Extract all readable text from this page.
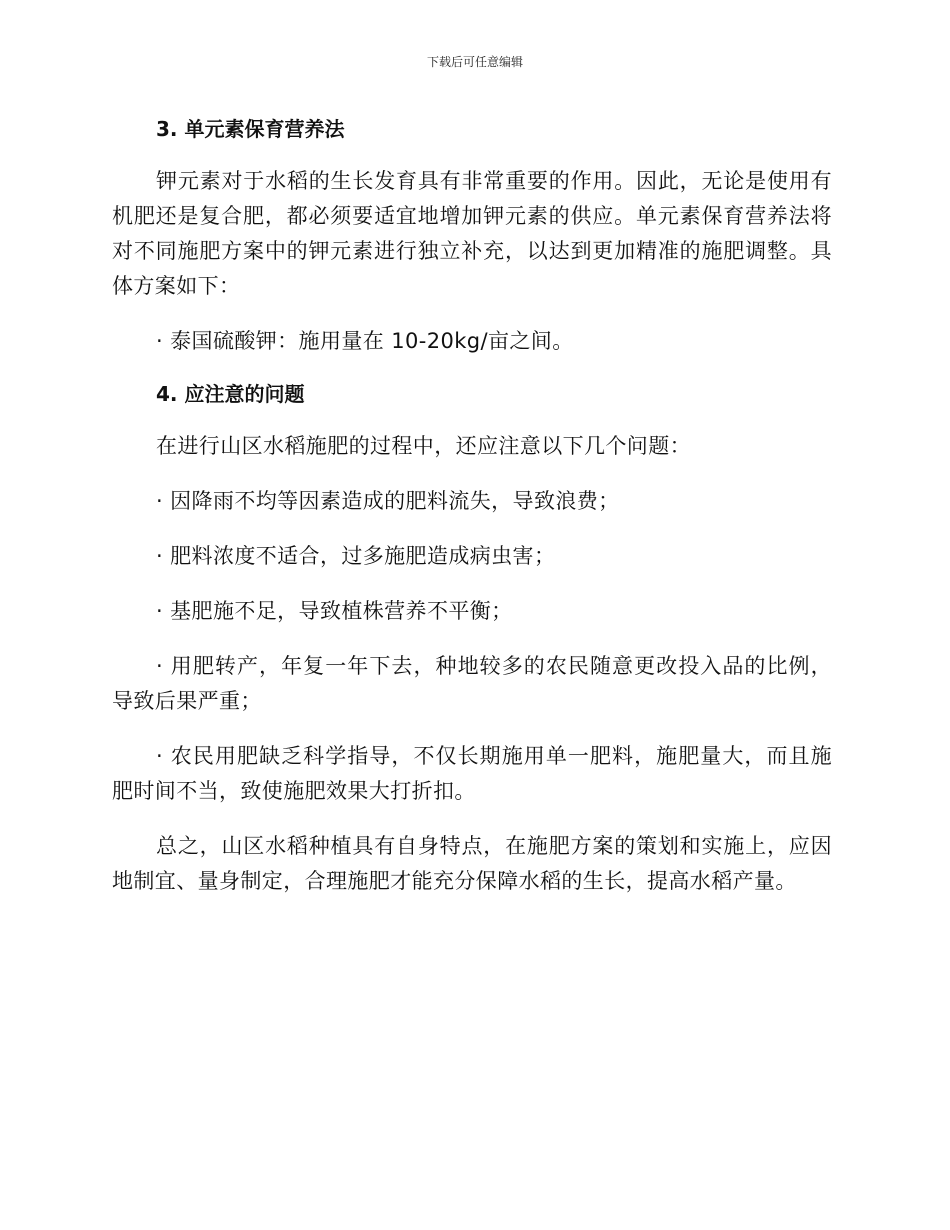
下载后可任意编辑
3. 单元素保育营养法

钾元素对于水稻的生长发育具有非常重要的作用。因此，无论是使用有机肥还是复合肥，都必须要适宜地增加钾元素的供应。单元素保育营养法将对不同施肥方案中的钾元素进行独立补充，以达到更加精准的施肥调整。具体方案如下：

· 泰国硫酸钾：施用量在 10-20kg/亩之间。

4. 应注意的问题

在进行山区水稻施肥的过程中，还应注意以下几个问题：

· 因降雨不均等因素造成的肥料流失，导致浪费；

· 肥料浓度不适合，过多施肥造成病虫害；

· 基肥施不足，导致植株营养不平衡；

· 用肥转产，年复一年下去，种地较多的农民随意更改投入品的比例，导致后果严重；

· 农民用肥缺乏科学指导，不仅长期施用单一肥料，施肥量大，而且施肥时间不当，致使施肥效果大打折扣。

总之，山区水稻种植具有自身特点，在施肥方案的策划和实施上，应因地制宜、量身制定，合理施肥才能充分保障水稻的生长，提高水稻产量。
